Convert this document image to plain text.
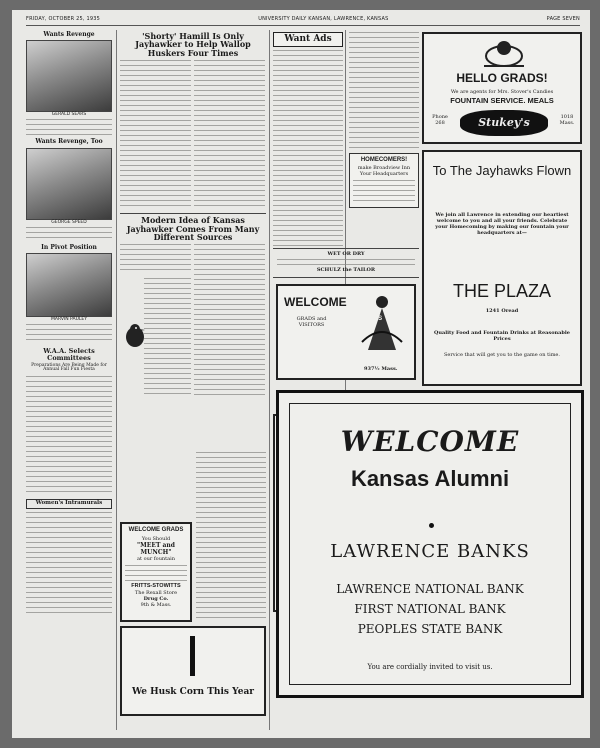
FRIDAY, OCTOBER 25, 1935	UNIVERSITY DAILY KANSAN, LAWRENCE, KANSAS	PAGE SEVEN
Wants Revenge
GERALD SEARS
Wants Revenge, Too
GEORGE SPEED
In Pivot Position
MARVIN PAULEY
W.A.A. Selects Committees
Preparations Are Being Made for Annual Fall Fun Fiesta
Women's Intramurals
'Shorty' Hamill Is Only Jayhawker to Help Wallop Huskers Four Times
Modern Idea of Kansas Jayhawker Comes From Many Different Sources
WELCOME GRADS
You Should
"MEET and MUNCH"
at our fountain
FRITTS-STOWITTS
The Rexall Store
Drug Co.
9th & Mass.
We Husk Corn This Year
Want Ads
HOMECOMERS!
make Broadview Inn Your Headquarters
WET OR DRY
SCHULZ the TAILOR
WELCOME
GRADS and VISITORS
SMITH'S
937½ Mass.
HELLO GRADS!
We are agents for Mrs. Stover's Candies
FOUNTAIN SERVICE. MEALS
Phone 268	Stukey's	1018 Mass.
To The Jayhawks Flown
We join all Lawrence in extending our heartiest welcome to you and all your friends. Celebrate your Homecoming by making our fountain your headquarters at—
THE PLAZA
1241 Oread
Quality Food and Fountain Drinks at Reasonable Prices
Service that will get you to the game on time.
WELCOME
Kansas Alumni
LAWRENCE BANKS
LAWRENCE NATIONAL BANK
FIRST NATIONAL BANK
PEOPLES STATE BANK
You are cordially invited to visit us.
